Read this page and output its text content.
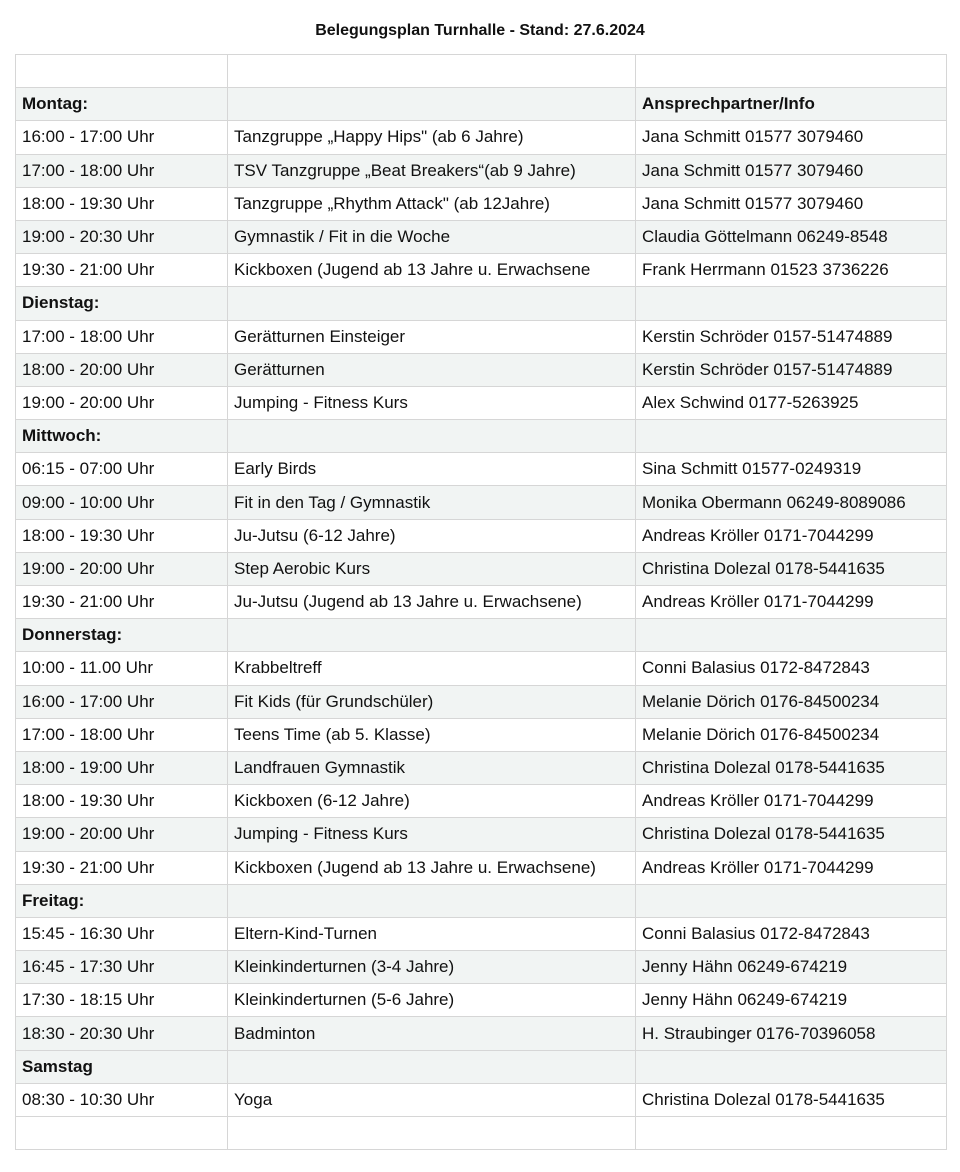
Belegungsplan Turnhalle - Stand: 27.6.2024

Montag:		Ansprechpartner/Info
16:00 - 17:00 Uhr	Tanzgruppe „Happy Hips" (ab 6 Jahre)	Jana Schmitt 01577 3079460
17:00 - 18:00 Uhr	TSV Tanzgruppe „Beat Breakers“(ab 9 Jahre)	Jana Schmitt 01577 3079460
18:00 - 19:30 Uhr	Tanzgruppe „Rhythm Attack" (ab 12Jahre)	Jana Schmitt 01577 3079460
19:00 - 20:30 Uhr	Gymnastik / Fit in die Woche	Claudia Göttelmann 06249-8548
19:30 - 21:00 Uhr	Kickboxen (Jugend ab 13 Jahre u. Erwachsene	Frank Herrmann 01523 3736226
Dienstag:		
17:00 - 18:00 Uhr	Gerätturnen Einsteiger	Kerstin Schröder 0157-51474889
18:00 - 20:00 Uhr	Gerätturnen	Kerstin Schröder 0157-51474889
19:00 - 20:00 Uhr	Jumping - Fitness Kurs	Alex Schwind 0177-5263925
Mittwoch:		
06:15 - 07:00 Uhr	Early Birds	Sina Schmitt 01577-0249319
09:00 - 10:00 Uhr	Fit in den Tag / Gymnastik	Monika Obermann 06249-8089086
18:00 - 19:30 Uhr	Ju-Jutsu (6-12 Jahre)	Andreas Kröller 0171-7044299
19:00 - 20:00 Uhr	Step Aerobic Kurs	Christina Dolezal 0178-5441635
19:30 - 21:00 Uhr	Ju-Jutsu (Jugend ab 13 Jahre u. Erwachsene)	Andreas Kröller 0171-7044299
Donnerstag:		
10:00 - 11.00 Uhr	Krabbeltreff	Conni Balasius 0172-8472843
16:00 - 17:00 Uhr	Fit Kids (für Grundschüler)	Melanie Dörich 0176-84500234
17:00 - 18:00 Uhr	Teens Time (ab 5. Klasse)	Melanie Dörich 0176-84500234
18:00 - 19:00 Uhr	Landfrauen Gymnastik	Christina Dolezal 0178-5441635
18:00 - 19:30 Uhr	Kickboxen (6-12 Jahre)	Andreas Kröller 0171-7044299
19:00 - 20:00 Uhr	Jumping - Fitness Kurs	Christina Dolezal 0178-5441635
19:30 - 21:00 Uhr	Kickboxen (Jugend ab 13 Jahre u. Erwachsene)	Andreas Kröller 0171-7044299
Freitag:		
15:45 - 16:30 Uhr	Eltern-Kind-Turnen	Conni Balasius 0172-8472843
16:45 - 17:30 Uhr	Kleinkinderturnen (3-4 Jahre)	Jenny Hähn 06249-674219
17:30 - 18:15 Uhr	Kleinkinderturnen (5-6 Jahre)	Jenny Hähn 06249-674219
18:30 - 20:30 Uhr	Badminton	H. Straubinger 0176-70396058
Samstag		
08:30 - 10:30 Uhr	Yoga	Christina Dolezal 0178-5441635
